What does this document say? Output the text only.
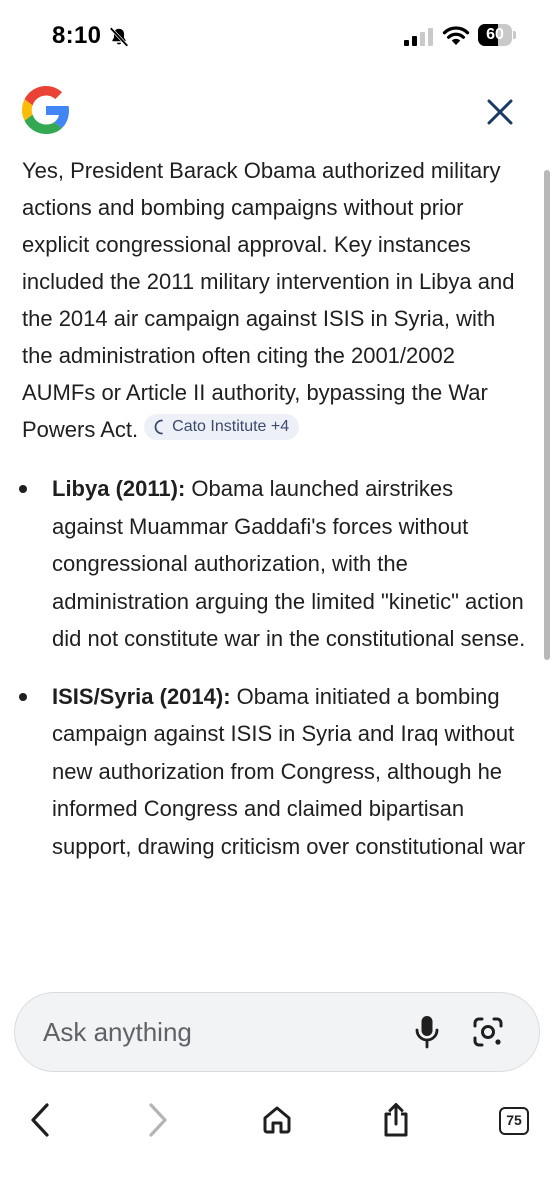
8:10	60

Yes, President Barack Obama authorized military actions and bombing campaigns without prior explicit congressional approval. Key instances included the 2011 military intervention in Libya and the 2014 air campaign against ISIS in Syria, with the administration often citing the 2001/2002 AUMFs or Article II authority, bypassing the War Powers Act. Cato Institute +4

Libya (2011): Obama launched airstrikes against Muammar Gaddafi's forces without congressional authorization, with the administration arguing the limited "kinetic" action did not constitute war in the constitutional sense.
ISIS/Syria (2014): Obama initiated a bombing campaign against ISIS in Syria and Iraq without new authorization from Congress, although he informed Congress and claimed bipartisan support, drawing criticism over constitutional war
Ask anything
75
